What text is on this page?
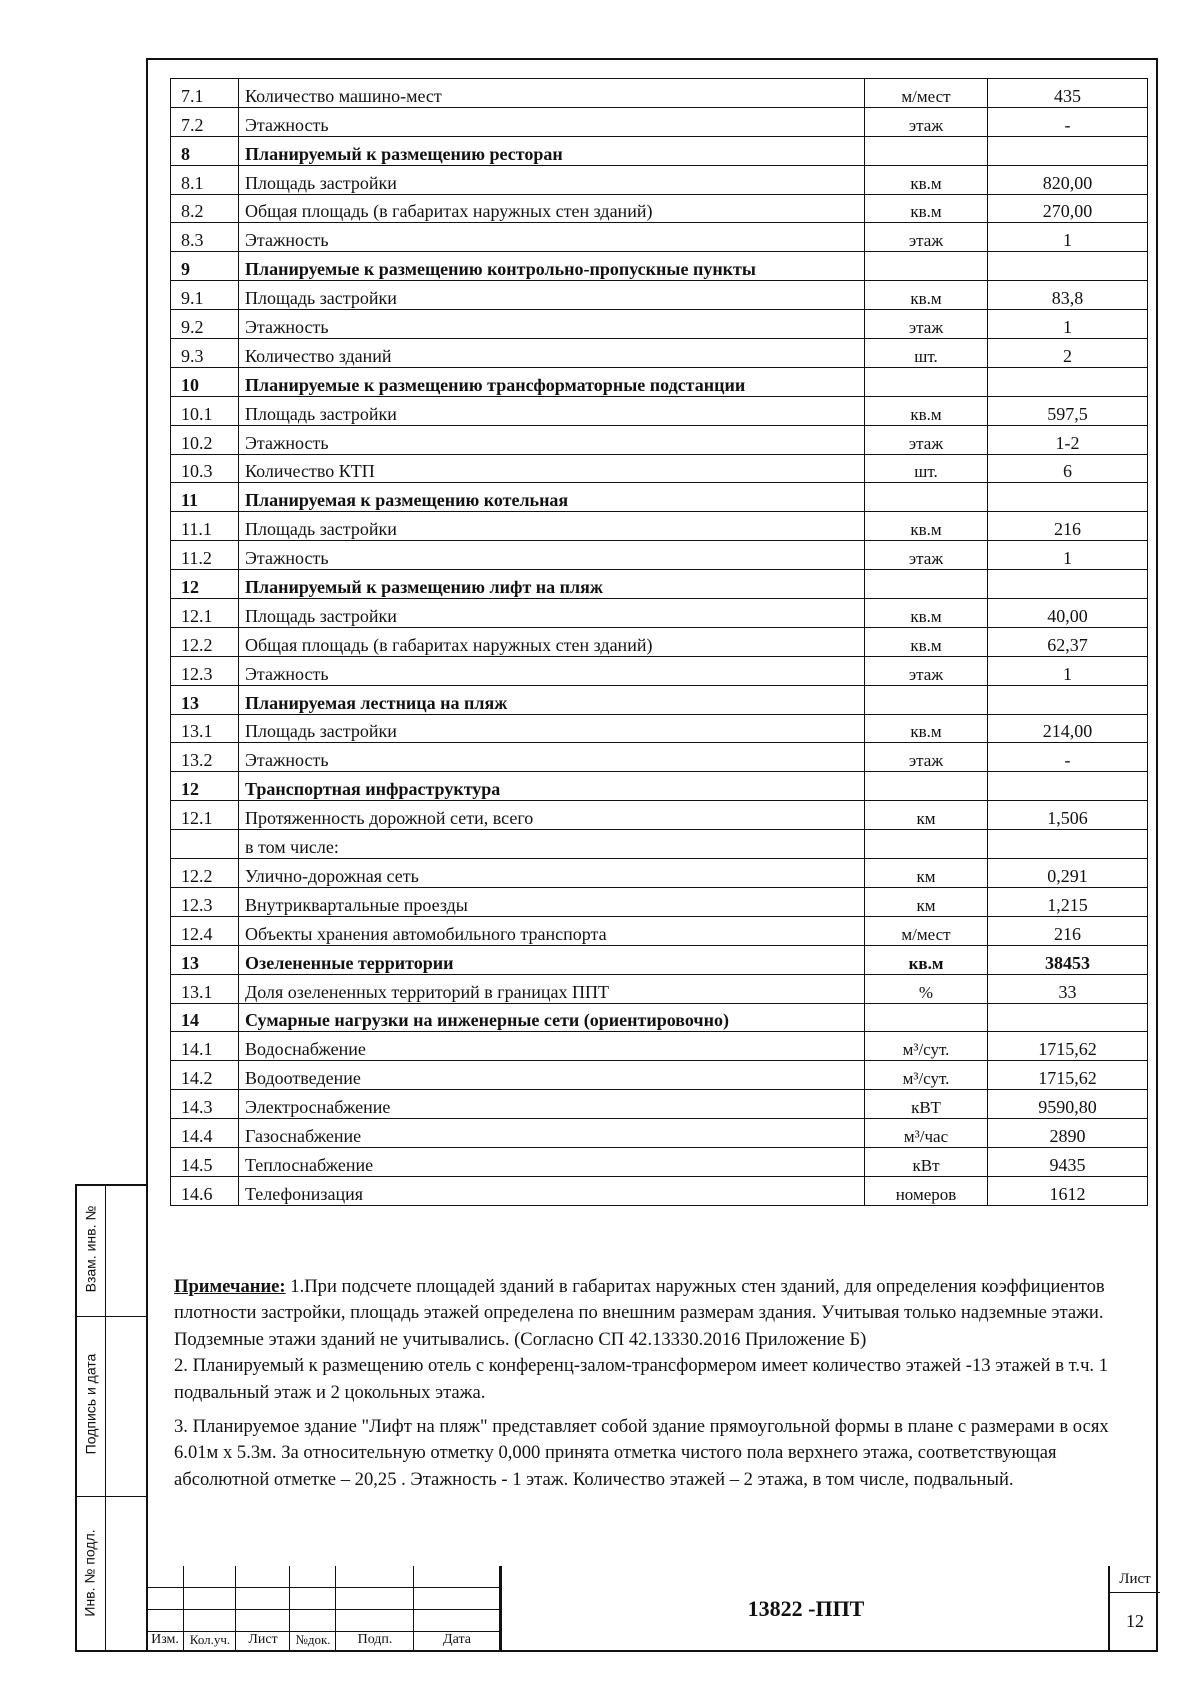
Взам. инв. №
Подпись и дата
Инв. № подл.
7.1	Количество машино-мест	м/мест	435
7.2	Этажность	этаж	-
8	Планируемый к размещению ресторан		
8.1	Площадь застройки	кв.м	820,00
8.2	Общая площадь (в габаритах наружных стен зданий)	кв.м	270,00
8.3	Этажность	этаж	1
9	Планируемые к размещению контрольно-пропускные пункты		
9.1	Площадь застройки	кв.м	83,8
9.2	Этажность	этаж	1
9.3	Количество зданий	шт.	2
10	Планируемые к размещению трансформаторные подстанции		
10.1	Площадь застройки	кв.м	597,5
10.2	Этажность	этаж	1-2
10.3	Количество КТП	шт.	6
11	Планируемая к размещению котельная		
11.1	Площадь застройки	кв.м	216
11.2	Этажность	этаж	1
12	Планируемый к размещению лифт на пляж		
12.1	Площадь застройки	кв.м	40,00
12.2	Общая площадь (в габаритах наружных стен зданий)	кв.м	62,37
12.3	Этажность	этаж	1
13	Планируемая лестница на пляж		
13.1	Площадь застройки	кв.м	214,00
13.2	Этажность	этаж	-
12	Транспортная инфраструктура		
12.1	Протяженность дорожной сети, всего	км	1,506
	в том числе:		
12.2	Улично-дорожная сеть	км	0,291
12.3	Внутриквартальные проезды	км	1,215
12.4	Объекты хранения автомобильного транспорта	м/мест	216
13	Озелененные территории	кв.м	38453
13.1	Доля озелененных территорий в границах ППТ	%	33
14	Сумарные нагрузки на инженерные сети (ориентировочно)		
14.1	Водоснабжение	м³/сут.	1715,62
14.2	Водоотведение	м³/сут.	1715,62
14.3	Электроснабжение	кВТ	9590,80
14.4	Газоснабжение	м³/час	2890
14.5	Теплоснабжение	кВт	9435
14.6	Телефонизация	номеров	1612

Примечание: 1.При подсчете площадей зданий в габаритах наружных стен зданий, для определения коэффициентов плотности застройки, площадь этажей определена по внешним размерам здания. Учитывая только надземные этажи. Подземные этажи зданий не учитывались. (Согласно СП 42.13330.2016 Приложение Б)

2. Планируемый к размещению отель с конференц-залом-трансформером имеет количество этажей -13 этажей в т.ч. 1 подвальный этаж и 2 цокольных этажа.

3. Планируемое здание "Лифт на пляж" представляет собой здание прямоугольной формы в плане с размерами в осях 6.01м х 5.3м. За относительную отметку 0,000 принята отметка чистого пола верхнего этажа, соответствующая абсолютной отметке – 20,25 . Этажность - 1 этаж. Количество этажей – 2 этажа, в том числе, подвальный.

Изм. Кол.уч.	Лист	№док.	Подп.	Дата
13822 -ППТ
Лист
12
